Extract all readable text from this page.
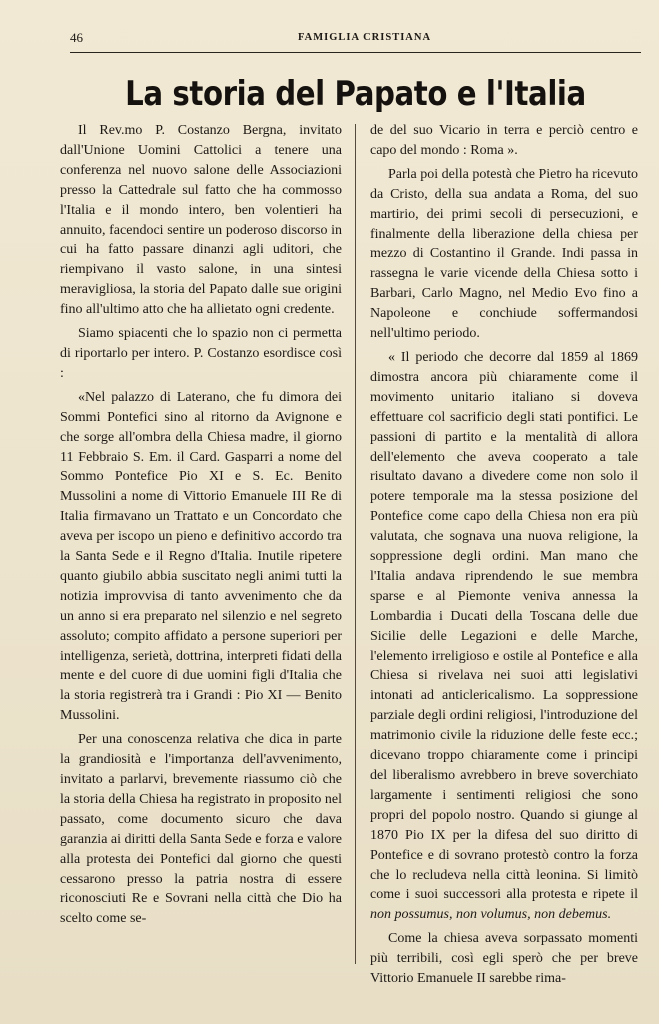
46	FAMIGLIA CRISTIANA
La storia del Papato e l'Italia

Il Rev.mo P. Costanzo Bergna, invitato dall'Unione Uomini Cattolici a tenere una conferenza nel nuovo salone delle Associazioni presso la Cattedrale sul fatto che ha commosso l'Italia e il mondo intero, ben volentieri ha annuito, facendoci sentire un poderoso discorso in cui ha fatto passare dinanzi agli uditori, che riempivano il vasto salone, in una sintesi meravigliosa, la storia del Papato dalle sue origini fino all'ultimo atto che ha allietato ogni credente.

Siamo spiacenti che lo spazio non ci permetta di riportarlo per intero. P. Costanzo esordisce così :

«Nel palazzo di Laterano, che fu dimora dei Sommi Pontefici sino al ritorno da Avignone e che sorge all'ombra della Chiesa madre, il giorno 11 Febbraio S. Em. il Card. Gasparri a nome del Sommo Pontefice Pio XI e S. Ec. Benito Mussolini a nome di Vittorio Emanuele III Re di Italia firmavano un Trattato e un Concordato che aveva per iscopo un pieno e definitivo accordo tra la Santa Sede e il Regno d'Italia. Inutile ripetere quanto giubilo abbia suscitato negli animi tutti la notizia improvvisa di tanto avvenimento che da un anno si era preparato nel silenzio e nel segreto assoluto; compito affidato a persone superiori per intelligenza, serietà, dottrina, interpreti fidati della mente e del cuore di due uomini figli d'Italia che la storia registrerà tra i Grandi : Pio XI — Benito Mussolini.

Per una conoscenza relativa che dica in parte la grandiosità e l'importanza dell'avvenimento, invitato a parlarvi, brevemente riassumo ciò che la storia della Chiesa ha registrato in proposito nel passato, come documento sicuro che dava garanzia ai diritti della Santa Sede e forza e valore alla protesta dei Pontefici dal giorno che questi cessarono presso la patria nostra di essere riconosciuti Re e Sovrani nella città che Dio ha scelto come se-

de del suo Vicario in terra e perciò centro e capo del mondo : Roma ».

Parla poi della potestà che Pietro ha ricevuto da Cristo, della sua andata a Roma, del suo martirio, dei primi secoli di persecuzioni, e finalmente della liberazione della chiesa per mezzo di Costantino il Grande. Indi passa in rassegna le varie vicende della Chiesa sotto i Barbari, Carlo Magno, nel Medio Evo fino a Napoleone e conchiude soffermandosi nell'ultimo periodo.

« Il periodo che decorre dal 1859 al 1869 dimostra ancora più chiaramente come il movimento unitario italiano si doveva effettuare col sacrificio degli stati pontifici. Le passioni di partito e la mentalità di allora dell'elemento che aveva cooperato a tale risultato davano a divedere come non solo il potere temporale ma la stessa posizione del Pontefice come capo della Chiesa non era più valutata, che sognava una nuova religione, la soppressione degli ordini. Man mano che l'Italia andava riprendendo le sue membra sparse e al Piemonte veniva annessa la Lombardia i Ducati della Toscana delle due Sicilie delle Legazioni e delle Marche, l'elemento irreligioso e ostile al Pontefice e alla Chiesa si rivelava nei suoi atti legislativi intonati ad anticlericalismo. La soppressione parziale degli ordini religiosi, l'introduzione del matrimonio civile la riduzione delle feste ecc.; dicevano troppo chiaramente come i principi del liberalismo avrebbero in breve soverchiato largamente i sentimenti religiosi che sono propri del popolo nostro. Quando si giunge al 1870 Pio IX per la difesa del suo diritto di Pontefice e di sovrano protestò contro la forza che lo recludeva nella città leonina. Si limitò come i suoi successori alla protesta e ripete il non possumus, non volumus, non debemus.

Come la chiesa aveva sorpassato momenti più terribili, così egli sperò che per breve Vittorio Emanuele II sarebbe rima-
